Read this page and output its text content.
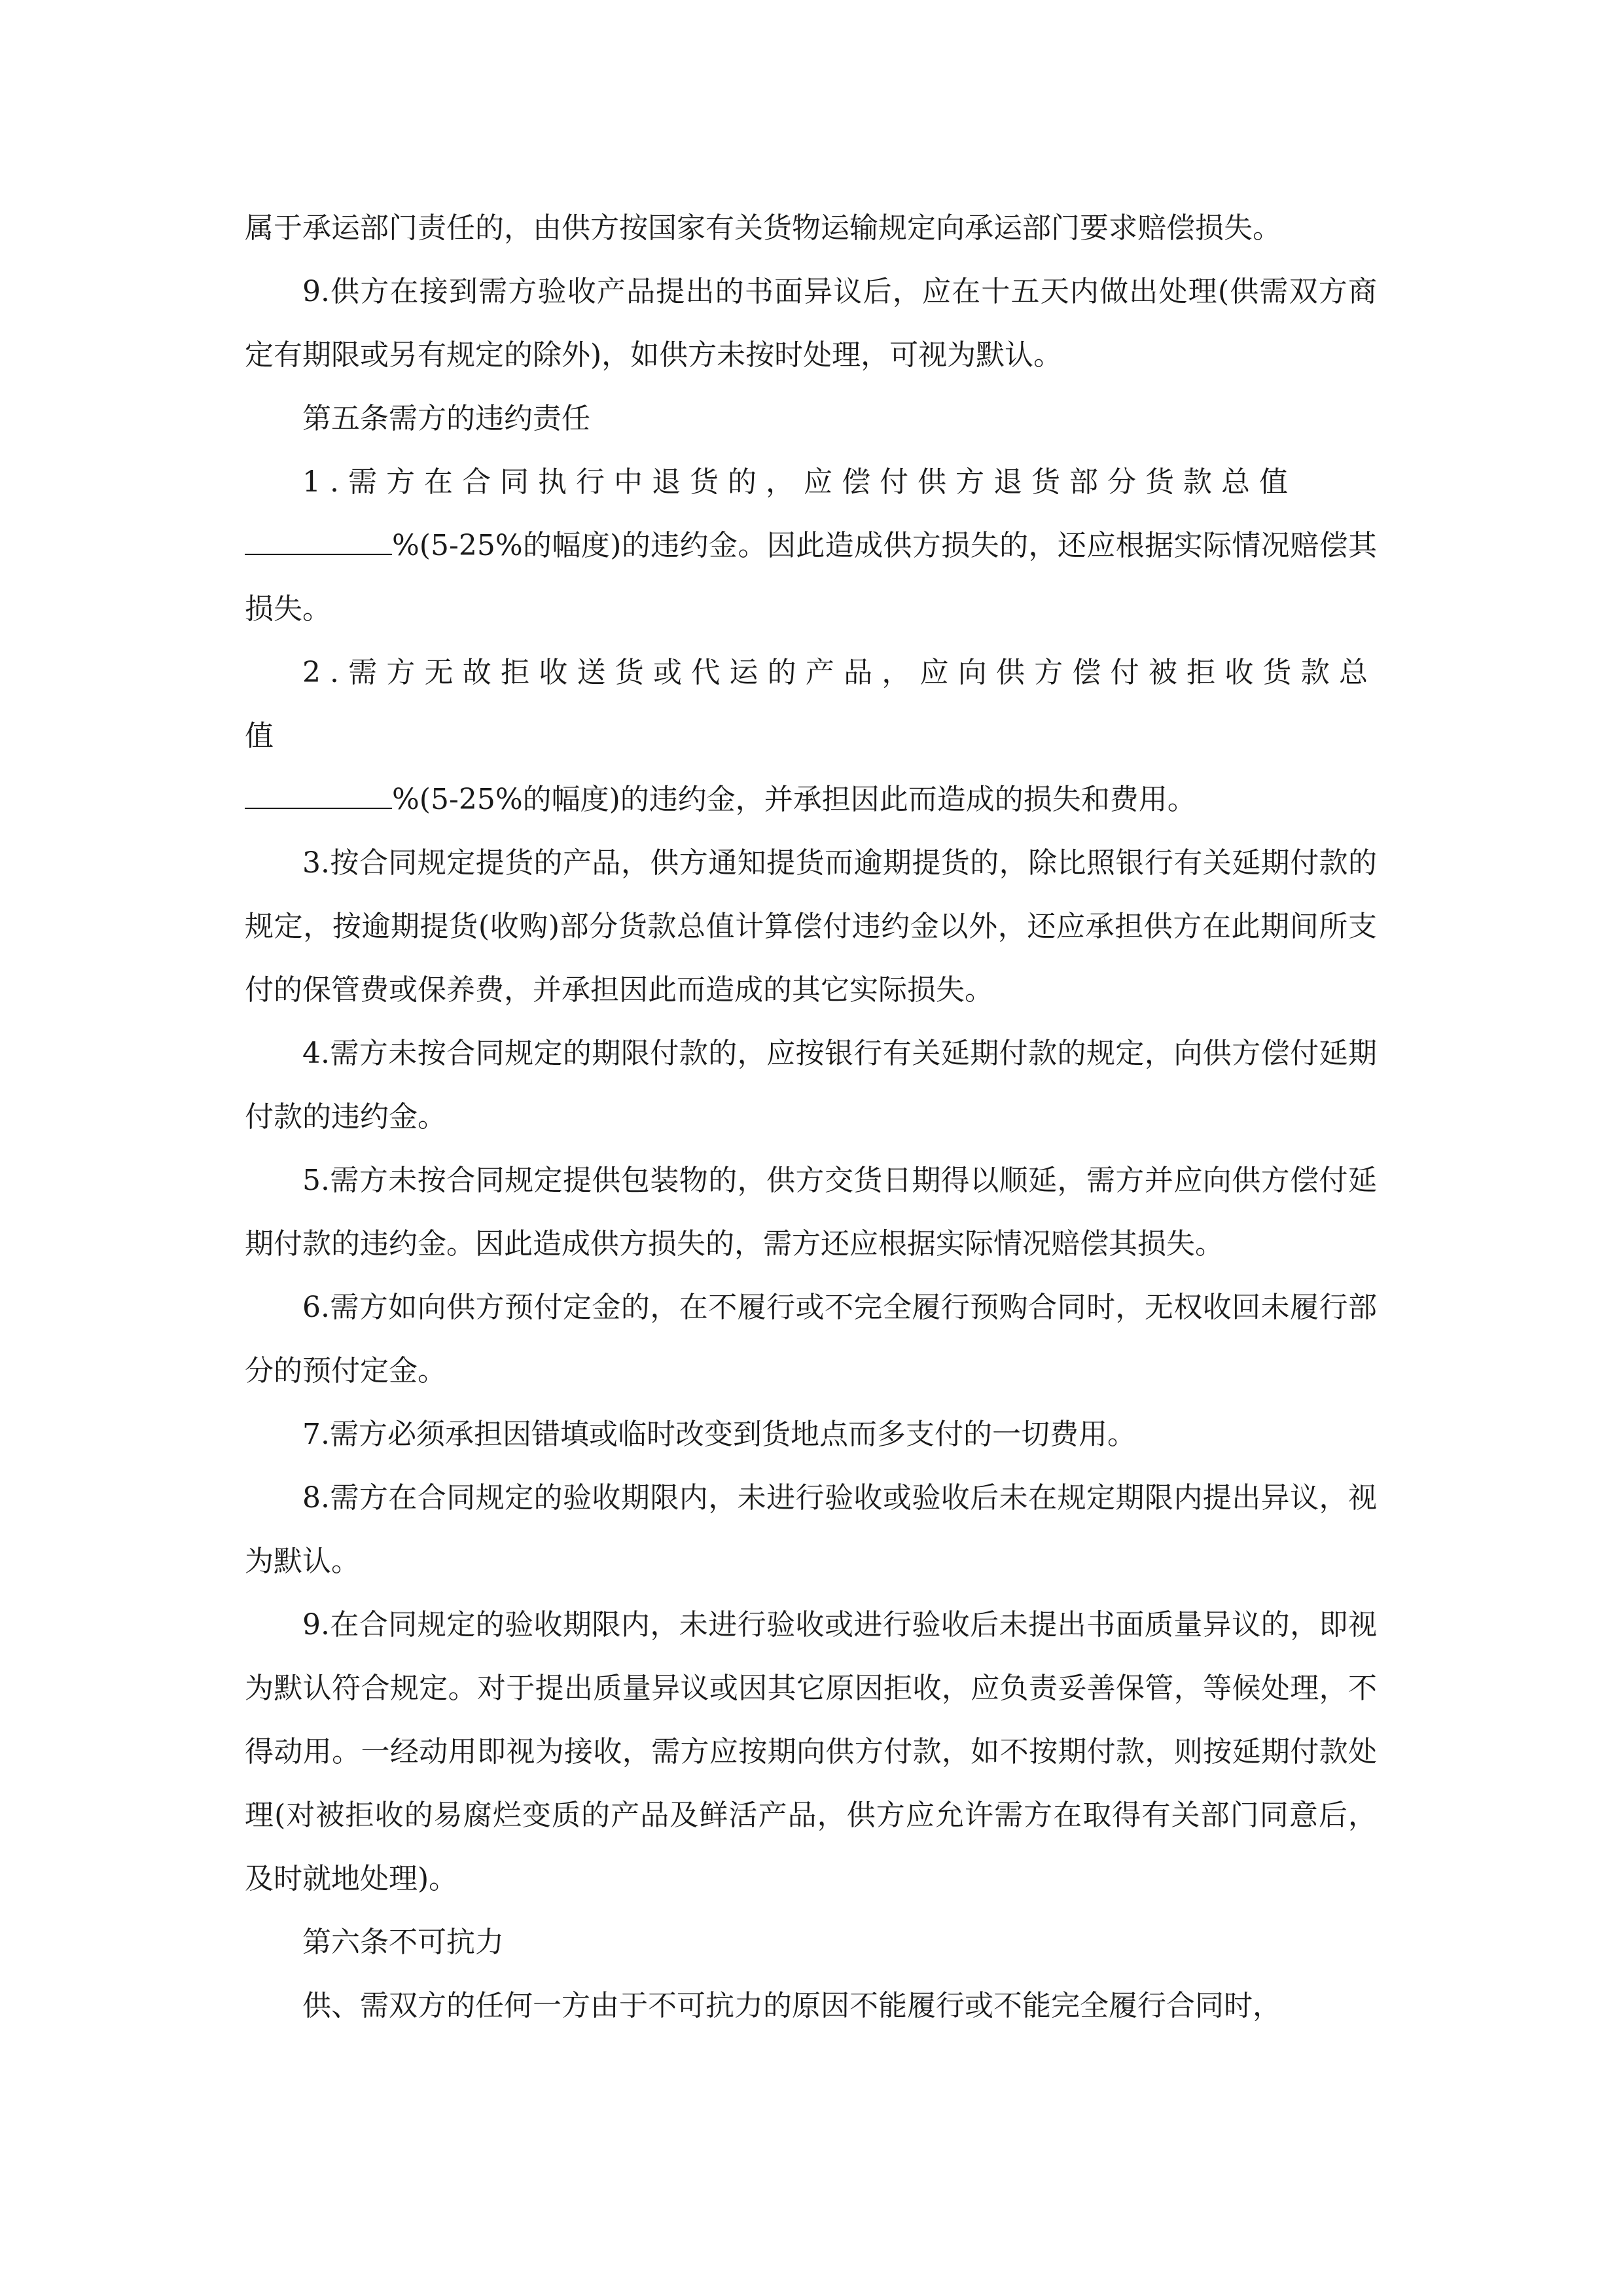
属于承运部门责任的，由供方按国家有关货物运输规定向承运部门要求赔偿损失。

9.供方在接到需方验收产品提出的书面异议后，应在十五天内做出处理(供需双方商定有期限或另有规定的除外)，如供方未按时处理，可视为默认。

第五条需方的违约责任

1.需方在合同执行中退货的，应偿付供方退货部分货款总值
%(5-25%的幅度)的违约金。因此造成供方损失的，还应根据实际情况赔偿其损失。

2.需方无故拒收送货或代运的产品，应向供方偿付被拒收货款总值
%(5-25%的幅度)的违约金，并承担因此而造成的损失和费用。

3.按合同规定提货的产品，供方通知提货而逾期提货的，除比照银行有关延期付款的规定，按逾期提货(收购)部分货款总值计算偿付违约金以外，还应承担供方在此期间所支付的保管费或保养费，并承担因此而造成的其它实际损失。

4.需方未按合同规定的期限付款的，应按银行有关延期付款的规定，向供方偿付延期付款的违约金。

5.需方未按合同规定提供包装物的，供方交货日期得以顺延，需方并应向供方偿付延期付款的违约金。因此造成供方损失的，需方还应根据实际情况赔偿其损失。

6.需方如向供方预付定金的，在不履行或不完全履行预购合同时，无权收回未履行部分的预付定金。

7.需方必须承担因错填或临时改变到货地点而多支付的一切费用。

8.需方在合同规定的验收期限内，未进行验收或验收后未在规定期限内提出异议，视为默认。

9.在合同规定的验收期限内，未进行验收或进行验收后未提出书面质量异议的，即视为默认符合规定。对于提出质量异议或因其它原因拒收，应负责妥善保管，等候处理，不得动用。一经动用即视为接收，需方应按期向供方付款，如不按期付款，则按延期付款处理(对被拒收的易腐烂变质的产品及鲜活产品，供方应允许需方在取得有关部门同意后，及时就地处理)。

第六条不可抗力

供、需双方的任何一方由于不可抗力的原因不能履行或不能完全履行合同时，
